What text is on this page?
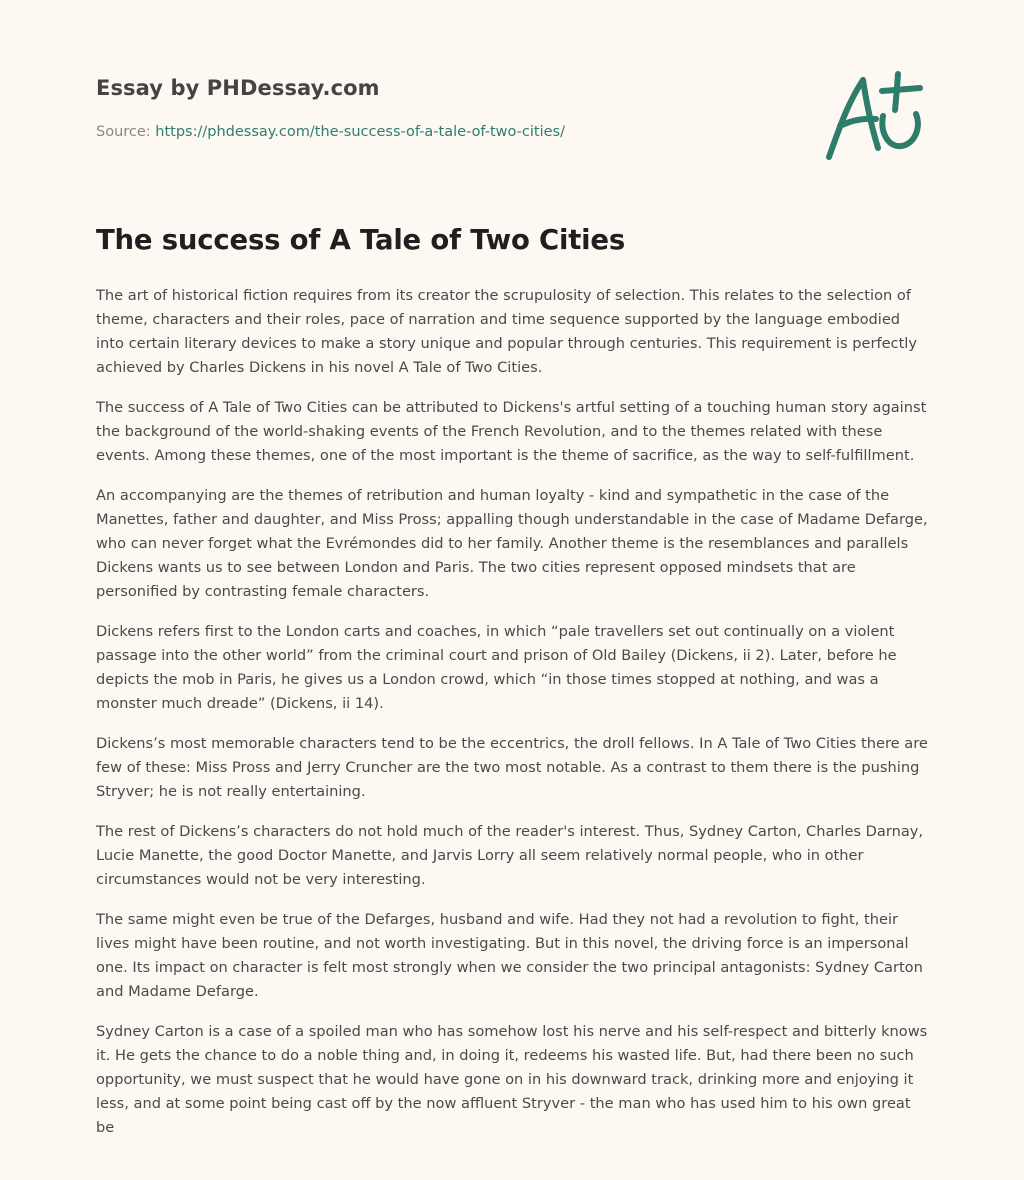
Essay by PHDessay.com

Source: https://phdessay.com/the-success-of-a-tale-of-two-cities/

The success of A Tale of Two Cities

The art of historical fiction requires from its creator the scrupulosity of selection. This relates to the selection of theme, characters and their roles, pace of narration and time sequence supported by the language embodied into certain literary devices to make a story unique and popular through centuries. This requirement is perfectly achieved by Charles Dickens in his novel A Tale of Two Cities.

The success of A Tale of Two Cities can be attributed to Dickens's artful setting of a touching human story against the background of the world-shaking events of the French Revolution, and to the themes related with these events. Among these themes, one of the most important is the theme of sacrifice, as the way to self-fulfillment.

An accompanying are the themes of retribution and human loyalty - kind and sympathetic in the case of the Manettes, father and daughter, and Miss Pross; appalling though understandable in the case of Madame Defarge, who can never forget what the Evrémondes did to her family. Another theme is the resemblances and parallels Dickens wants us to see between London and Paris. The two cities represent opposed mindsets that are personified by contrasting female characters.

Dickens refers first to the London carts and coaches, in which “pale travellers set out continually on a violent passage into the other world” from the criminal court and prison of Old Bailey (Dickens, ii 2). Later, before he depicts the mob in Paris, he gives us a London crowd, which “in those times stopped at nothing, and was a monster much dreade” (Dickens, ii 14).

Dickens’s most memorable characters tend to be the eccentrics, the droll fellows. In A Tale of Two Cities there are few of these: Miss Pross and Jerry Cruncher are the two most notable. As a contrast to them there is the pushing Stryver; he is not really entertaining.

The rest of Dickens’s characters do not hold much of the reader's interest. Thus, Sydney Carton, Charles Darnay, Lucie Manette, the good Doctor Manette, and Jarvis Lorry all seem relatively normal people, who in other circumstances would not be very interesting.

The same might even be true of the Defarges, husband and wife. Had they not had a revolution to fight, their lives might have been routine, and not worth investigating. But in this novel, the driving force is an impersonal one. Its impact on character is felt most strongly when we consider the two principal antagonists: Sydney Carton and Madame Defarge.

Sydney Carton is a case of a spoiled man who has somehow lost his nerve and his self-respect and bitterly knows it. He gets the chance to do a noble thing and, in doing it, redeems his wasted life. But, had there been no such opportunity, we must suspect that he would have gone on in his downward track, drinking more and enjoying it less, and at some point being cast off by the now affluent Stryver - the man who has used him to his own great be
